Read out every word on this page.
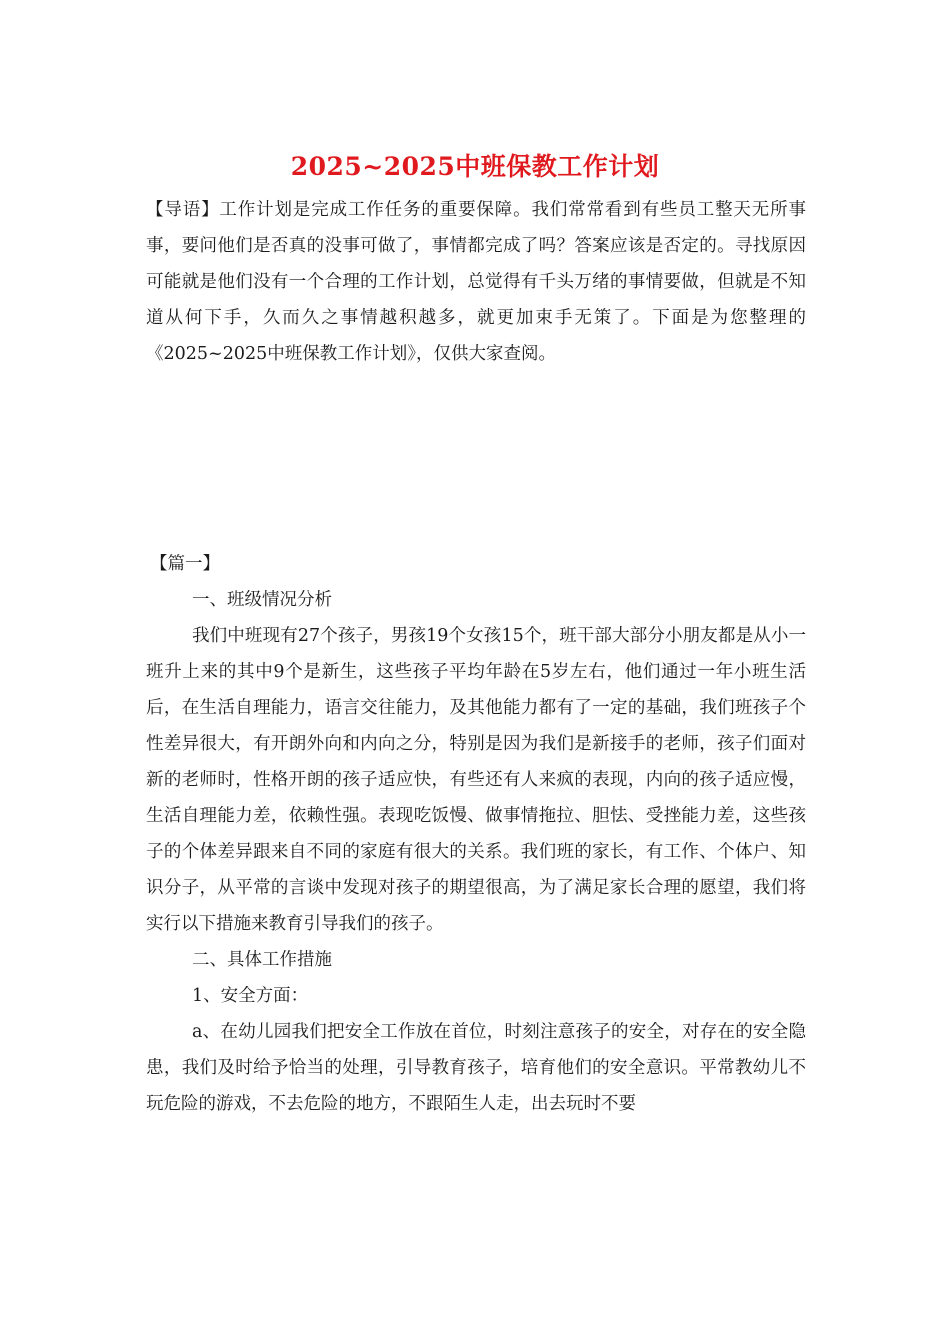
2025~2025中班保教工作计划

【导语】工作计划是完成工作任务的重要保障。我们常常看到有些员工整天无所事事，要问他们是否真的没事可做了，事情都完成了吗？答案应该是否定的。寻找原因可能就是他们没有一个合理的工作计划，总觉得有千头万绪的事情要做，但就是不知道从何下手，久而久之事情越积越多，就更加束手无策了。下面是为您整理的《2025~2025中班保教工作计划》，仅供大家查阅。

【篇一】

一、班级情况分析

我们中班现有27个孩子，男孩19个女孩15个，班干部大部分小朋友都是从小一班升上来的其中9个是新生，这些孩子平均年龄在5岁左右，他们通过一年小班生活后，在生活自理能力，语言交往能力，及其他能力都有了一定的基础，我们班孩子个性差异很大，有开朗外向和内向之分，特别是因为我们是新接手的老师，孩子们面对新的老师时，性格开朗的孩子适应快，有些还有人来疯的表现，内向的孩子适应慢，生活自理能力差，依赖性强。表现吃饭慢、做事情拖拉、胆怯、受挫能力差，这些孩子的个体差异跟来自不同的家庭有很大的关系。我们班的家长，有工作、个体户、知识分子，从平常的言谈中发现对孩子的期望很高，为了满足家长合理的愿望，我们将实行以下措施来教育引导我们的孩子。

二、具体工作措施

1、安全方面：

a、在幼儿园我们把安全工作放在首位，时刻注意孩子的安全，对存在的安全隐患，我们及时给予恰当的处理，引导教育孩子，培育他们的安全意识。平常教幼儿不玩危险的游戏，不去危险的地方，不跟陌生人走，出去玩时不要
